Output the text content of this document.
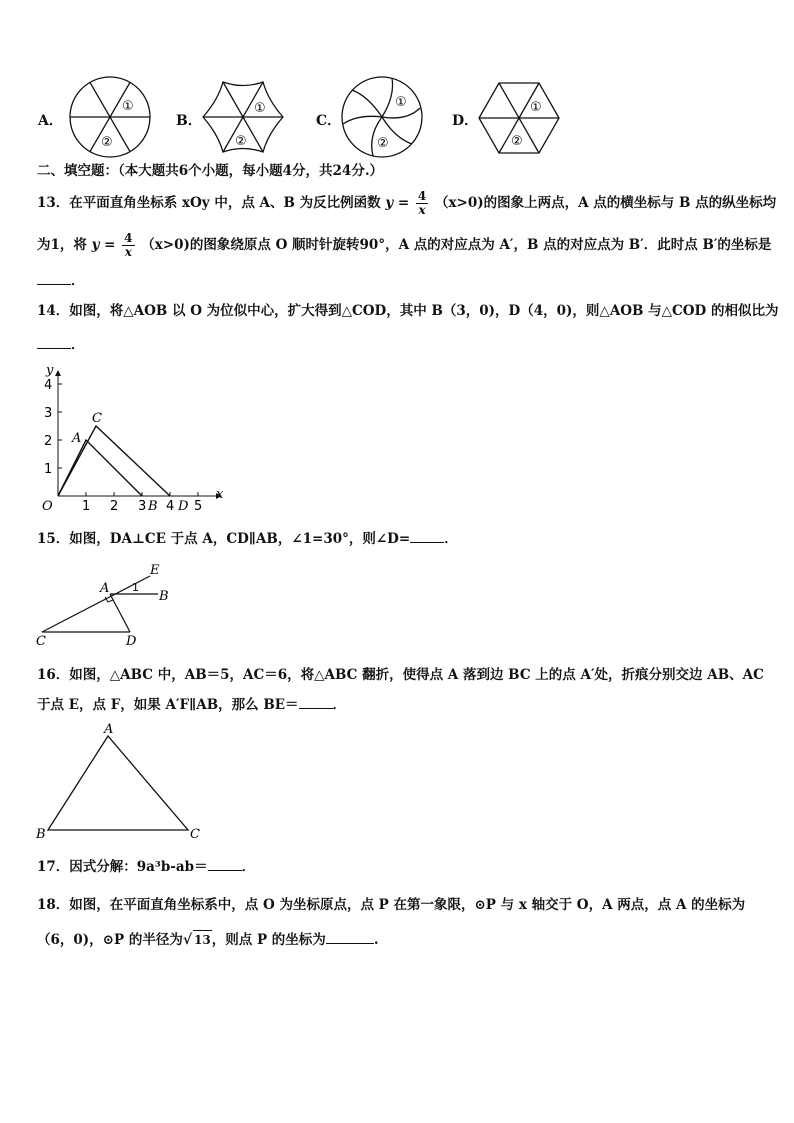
A．
①
②
B．
①
②
C．
①
②
D．
①
②
二、填空题：（本大题共6个小题，每小题4分，共24分.）
13．在平面直角坐标系 xOy 中，点 A、B 为反比例函数 $y = \frac{4}{x} (x>0)$的图象上两点，A 点的横坐标与 B 点的纵坐标均
为1，将 $y = \frac{4}{x} (x>0)$的图象绕原点 O 顺时针旋转90°，A 点的对应点为 A′，B 点的对应点为 B′．此时点 B′的坐标是
．
14．如图，将△AOB 以 O 为位似中心，扩大得到△COD，其中 B（3，0)，D（4，0)，则△AOB 与△COD 的相似比为
．
y
x
O
1
2
3
4
1 2 3 4 5
A
C
B D
15．如图，DA⊥CE 于点 A，CD∥AB，∠1=30°，则∠D=	．
A
B
C	D
E
1
16．如图，△ABC 中，AB＝5，AC＝6，将△ABC 翻折，使得点 A 落到边 BC 上的点 A′处，折痕分别交边 AB、AC
于点 E，点 F，如果 A′F∥AB，那么 BE＝	．
A
B	C
17．因式分解：9a³b-ab＝	．
18．如图，在平面直角坐标系中，点 O 为坐标原点，点 P 在第一象限，⊙P 与 x 轴交于 O，A 两点，点 A 的坐标为
（6，0)，⊙P 的半径为√ 13，则点 P 的坐标为	.
